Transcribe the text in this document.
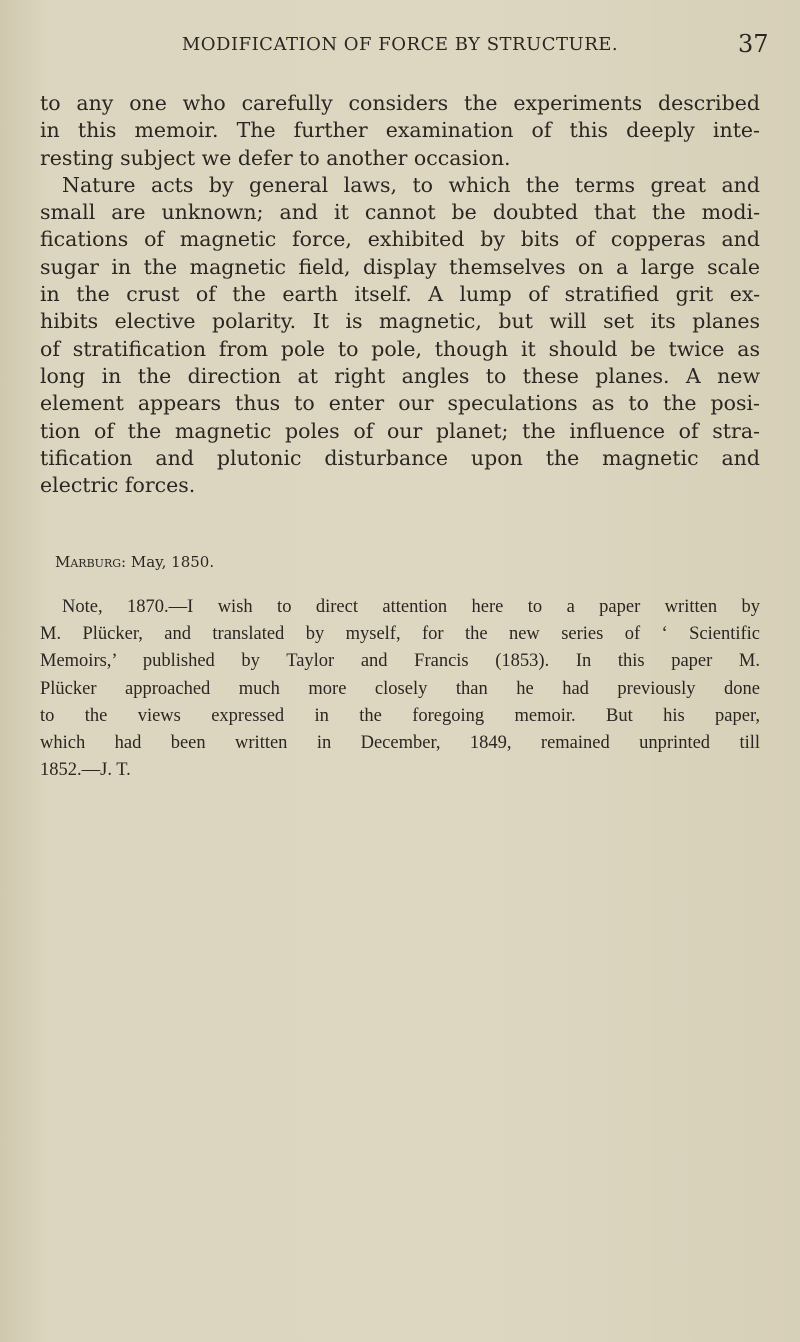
MODIFICATION OF FORCE BY STRUCTURE.	37
to any one who carefully considers the experiments described
in this memoir. The further examination of this deeply inte-
resting subject we defer to another occasion.
Nature acts by general laws, to which the terms great and
small are unknown; and it cannot be doubted that the modi-
fications of magnetic force, exhibited by bits of copperas and
sugar in the magnetic field, display themselves on a large scale
in the crust of the earth itself. A lump of stratified grit ex-
hibits elective polarity. It is magnetic, but will set its planes
of stratification from pole to pole, though it should be twice as
long in the direction at right angles to these planes. A new
element appears thus to enter our speculations as to the posi-
tion of the magnetic poles of our planet; the influence of stra-
tification and plutonic disturbance upon the magnetic and
electric forces.
Marburg: May, 1850.
Note, 1870.—I wish to direct attention here to a paper written by
M. Plücker, and translated by myself, for the new series of ‘ Scientific
Memoirs,’ published by Taylor and Francis (1853). In this paper M.
Plücker approached much more closely than he had previously done
to the views expressed in the foregoing memoir. But his paper,
which had been written in December, 1849, remained unprinted till
1852.—J. T.
